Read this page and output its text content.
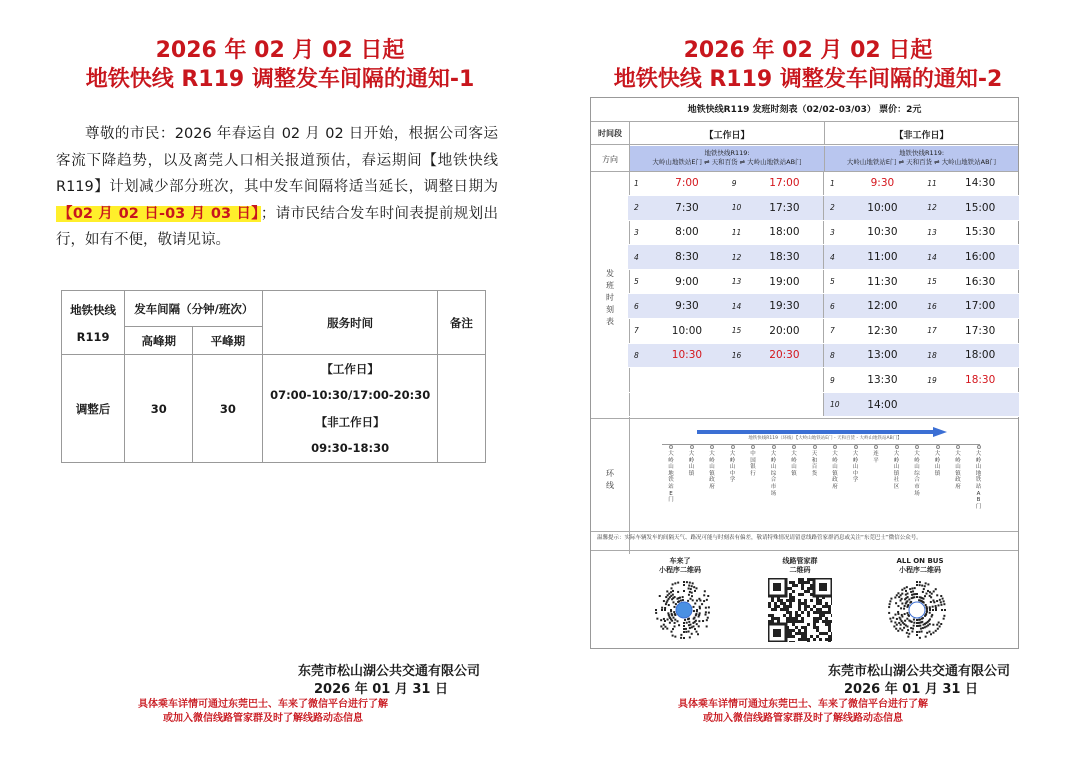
2026 年 02 月 02 日起
地铁快线 R119 调整发车间隔的通知-1
尊敬的市民：2026 年春运自 02 月 02 日开始，根据公司客运客流下降趋势，以及离莞人口相关报道预估，春运期间【地铁快线 R119】计划减少部分班次，其中发车间隔将适当延长，调整日期为【02 月 02 日-03 月 03 日】 ；请市民结合发车时间表提前规划出行，如有不便，敬请见谅。
地铁快线
R119	发车间隔（分钟/班次）		服务时间	备注
	高峰期	平峰期		
调整后	30	30	【工作日】
07:00-10:30/17:00-20:30
【非工作日】
09:30-18:30	

东莞市松山湖公共交通有限公司
2026 年 01 月 31 日
具体乘车详情可通过东莞巴士、车来了微信平台进行了解
或加入微信线路管家群及时了解线路动态信息
2026 年 02 月 02 日起
地铁快线 R119 调整发车间隔的通知-2
地铁快线R119 发班时刻表（02/02-03/03） 票价：2元
时间段	【工作日】	【非工作日】
方向
地铁快线R119:
大岭山地铁站E门 ⇌ 天和百货 ⇌ 大岭山地铁站AB门
地铁快线R119:
大岭山地铁站E门 ⇌ 天和百货 ⇌ 大岭山地铁站AB门
发班时刻表
环线
温馨提示：实际车辆发车的间隔天气、路况可能与时刻表有偏差，敬请特殊情况请留意线路管家群消息或关注“东莞巴士”微信公众号。
1	7:00	9	17:00	1	9:30	11	14:30
2	7:30	10	17:30	2	10:00	12	15:00
3	8:00	11	18:00	3	10:30	13	15:30
4	8:30	12	18:30	4	11:00	14	16:00
5	9:00	13	19:00	5	11:30	15	16:30
6	9:30	14	19:30	6	12:00	16	17:00
7	10:00	15	20:00	7	12:30	17	17:30
8	10:30	16	20:30	8	13:00	18	18:00
				9	13:30	19	18:30
				10	14:00		
地铁快线R119（环线）【大岭山地铁站E门 - 天和百货 - 大岭山地铁站AB门】
大岭山地铁站E门
大岭山镇
大岭山镇政府
大岭山中学
中国银行
大岭山综合市场
大岭山镇
天和百货
大岭山镇政府
大岭山中学
连平
大岭山镇社区
大岭山综合市场
大岭山镇
大岭山镇政府
大岭山地铁站AB门
车来了
小程序二维码
线路管家群
二维码
ALL ON BUS
小程序二维码
东莞市松山湖公共交通有限公司
2026 年 01 月 31 日
具体乘车详情可通过东莞巴士、车来了微信平台进行了解
或加入微信线路管家群及时了解线路动态信息
